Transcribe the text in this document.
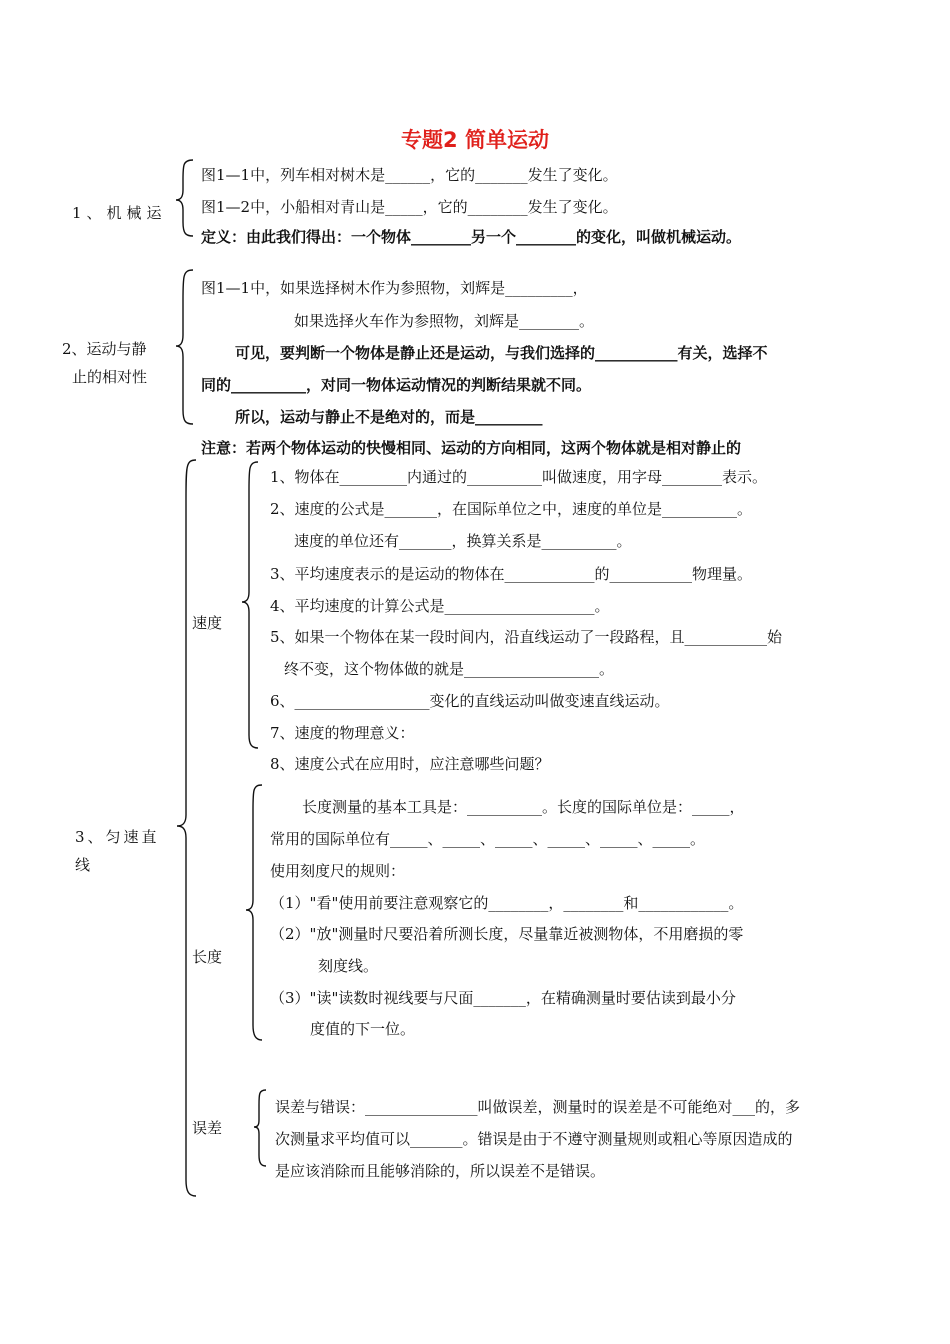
专题2 简单运动
1、机械运
图1—1中，列车相对树木是______，它的_______发生了变化。
图1—2中，小船相对青山是_____，它的________发生了变化。
定义：由此我们得出：一个物体________另一个________的变化，叫做机械运动。
2、运动与静
止的相对性
图1—1中，如果选择树木作为参照物，刘辉是_________，
如果选择火车作为参照物，刘辉是________。
可见，要判断一个物体是静止还是运动，与我们选择的___________有关，选择不
同的__________，对同一物体运动情况的判断结果就不同。
所以，运动与静止不是绝对的，而是_________
注意：若两个物体运动的快慢相同、运动的方向相同，这两个物体就是相对静止的
3、匀速直
线
速度
1、物体在_________内通过的__________叫做速度，用字母________表示。
2、速度的公式是_______，在国际单位之中，速度的单位是__________。
速度的单位还有_______，换算关系是__________。
3、平均速度表示的是运动的物体在____________的___________物理量。
4、平均速度的计算公式是____________________。
5、如果一个物体在某一段时间内，沿直线运动了一段路程，且___________始
终不变，这个物体做的就是__________________。
6、__________________变化的直线运动叫做变速直线运动。
7、速度的物理意义：
8、速度公式在应用时，应注意哪些问题？
长度
长度测量的基本工具是：__________。长度的国际单位是：_____，
常用的国际单位有_____、_____、_____、_____、_____、_____。
使用刻度尺的规则：
（1）"看"使用前要注意观察它的________，________和____________。
（2）"放"测量时尺要沿着所测长度，尽量靠近被测物体，不用磨损的零
刻度线。
（3）"读"读数时视线要与尺面_______，在精确测量时要估读到最小分
度值的下一位。
误差
误差与错误：_______________叫做误差，测量时的误差是不可能绝对___的，多
次测量求平均值可以_______。错误是由于不遵守测量规则或粗心等原因造成的
是应该消除而且能够消除的，所以误差不是错误。
